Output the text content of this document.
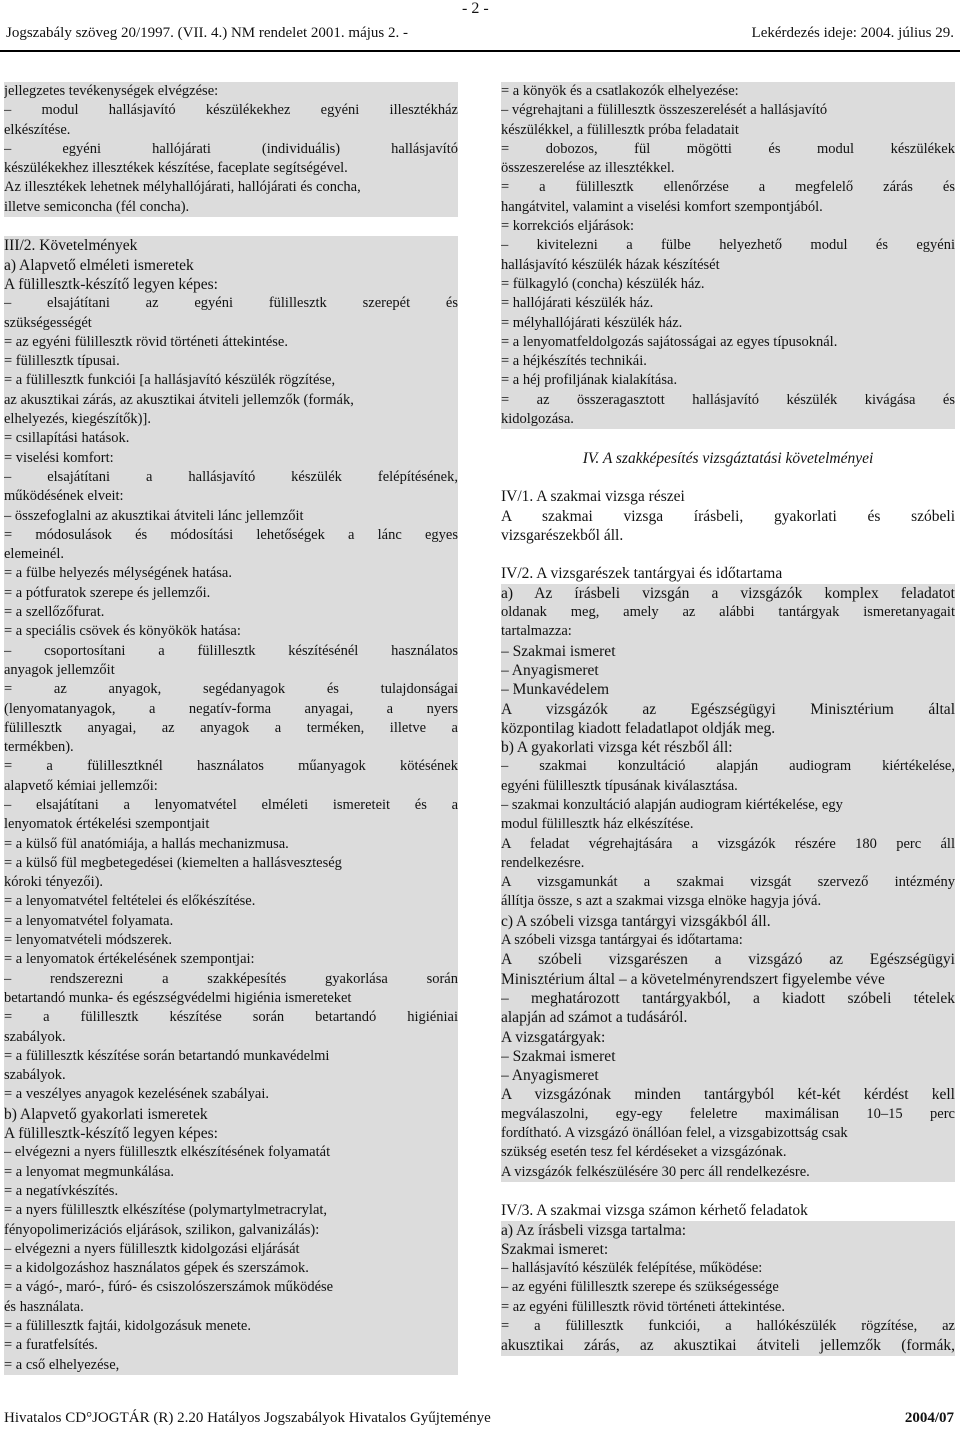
- 2 -
Jogszabály szöveg 20/1997. (VII. 4.) NM rendelet 2001. május 2. -	Lekérdezés ideje: 2004. július 29.
jellegzetes tevékenységek elvégzése:
– modul hallásjavító készülékekhez egyéni illesztékház
elkészítése.
– egyéni hallójárati (individuális) hallásjavító
készülékekhez illesztékek készítése, faceplate segítségével.
Az illesztékek lehetnek mélyhallójárati, hallójárati és concha,
illetve semiconcha (fél concha).
III/2. Követelmények
a) Alapvető elméleti ismeretek
A fülillesztk-készítő legyen képes:
– elsajátítani az egyéni fülillesztk szerepét és
szükségességét
= az egyéni fülillesztk rövid történeti áttekintése.
= fülillesztk típusai.
= a fülillesztk funkciói [a hallásjavító készülék rögzítése,
az akusztikai zárás, az akusztikai átviteli jellemzők (formák,
elhelyezés, kiegészítők)].
= csillapítási hatások.
= viselési komfort:
– elsajátítani a hallásjavító készülék felépítésének,
működésének elveit:
– összefoglalni az akusztikai átviteli lánc jellemzőit
= módosulások és módosítási lehetőségek a lánc egyes
elemeinél.
= a fülbe helyezés mélységének hatása.
= a pótfuratok szerepe és jellemzői.
= a szellőzőfurat.
= a speciális csövek és könyökök hatása:
– csoportosítani a fülillesztk készítésénél használatos
anyagok jellemzőit
= az anyagok, segédanyagok és tulajdonságai
(lenyomatanyagok, a negatív-forma anyagai, a nyers
fülillesztk anyagai, az anyagok a terméken, illetve a
termékben).
= a fülillesztknél használatos műanyagok kötésének
alapvető kémiai jellemzői:
– elsajátítani a lenyomatvétel elméleti ismereteit és a
lenyomatok értékelési szempontjait
= a külső fül anatómiája, a hallás mechanizmusa.
= a külső fül megbetegedései (kiemelten a hallásveszteség
kóroki tényezői).
= a lenyomatvétel feltételei és előkészítése.
= a lenyomatvétel folyamata.
= lenyomatvételi módszerek.
= a lenyomatok értékelésének szempontjai:
– rendszerezni a szakképesítés gyakorlása során
betartandó munka- és egészségvédelmi higiénia ismereteket
= a fülillesztk készítése során betartandó higiéniai
szabályok.
= a fülillesztk készítése során betartandó munkavédelmi
szabályok.
= a veszélyes anyagok kezelésének szabályai.
b) Alapvető gyakorlati ismeretek
A fülillesztk-készítő legyen képes:
– elvégezni a nyers fülillesztk elkészítésének folyamatát
= a lenyomat megmunkálása.
= a negatívkészítés.
= a nyers fülillesztk elkészítése (polymartylmetracrylat,
fényopolimerizációs eljárások, szilikon, galvanizálás):
– elvégezni a nyers fülillesztk kidolgozási eljárását
= a kidolgozáshoz használatos gépek és szerszámok.
= a vágó-, maró-, fúró- és csiszolószerszámok működése
és használata.
= a fülillesztk fajtái, kidolgozásuk menete.
= a furatfelsítés.
= a cső elhelyezése,
= a könyök és a csatlakozók elhelyezése:
– végrehajtani a fülillesztk összeszerelését a hallásjavító
készülékkel, a fülillesztk próba feladatait
= dobozos, fül mögötti és modul készülékek
összeszerelése az illesztékkel.
= a fülillesztk ellenőrzése a megfelelő zárás és
hangátvitel, valamint a viselési komfort szempontjából.
= korrekciós eljárások:
– kivitelezni a fülbe helyezhető modul és egyéni
hallásjavító készülék házak készítését
= fülkagyló (concha) készülék ház.
= hallójárati készülék ház.
= mélyhallójárati készülék ház.
= a lenyomatfeldolgozás sajátosságai az egyes típusoknál.
= a héjkészítés technikái.
= a héj profiljának kialakítása.
= az összeragasztott hallásjavító készülék kivágása és
kidolgozása.
IV. A szakképesítés vizsgáztatási követelményei
IV/1. A szakmai vizsga részei
A szakmai vizsga írásbeli, gyakorlati és szóbeli
vizsgarészekből áll.
IV/2. A vizsgarészek tantárgyai és időtartama
a) Az írásbeli vizsgán a vizsgázók komplex feladatot
oldanak meg, amely az alábbi tantárgyak ismeretanyagait
tartalmazza:
– Szakmai ismeret
– Anyagismeret
– Munkavédelem
A vizsgázók az Egészségügyi Minisztérium által
központilag kiadott feladatlapot oldják meg.
b) A gyakorlati vizsga két részből áll:
– szakmai konzultáció alapján audiogram kiértékelése,
egyéni fülillesztk típusának kiválasztása.
– szakmai konzultáció alapján audiogram kiértékelése, egy
modul fülillesztk ház elkészítése.
A feladat végrehajtására a vizsgázók részére 180 perc áll
rendelkezésre.
A vizsgamunkát a szakmai vizsgát szervező intézmény
állítja össze, s azt a szakmai vizsga elnöke hagyja jóvá.
c) A szóbeli vizsga tantárgyi vizsgákból áll.
A szóbeli vizsga tantárgyai és időtartama:
A szóbeli vizsgarészen a vizsgázó az Egészségügyi
Minisztérium által – a követelményrendszert figyelembe véve
– meghatározott tantárgyakból, a kiadott szóbeli tételek
alapján ad számot a tudásáról.
A vizsgatárgyak:
– Szakmai ismeret
– Anyagismeret
A vizsgázónak minden tantárgyból két-két kérdést kell
megválaszolni, egy-egy feleletre maximálisan 10–15 perc
fordítható. A vizsgázó önállóan felel, a vizsgabizottság csak
szükség esetén tesz fel kérdéseket a vizsgázónak.
A vizsgázók felkészülésére 30 perc áll rendelkezésre.
IV/3. A szakmai vizsga számon kérhető feladatok
a) Az írásbeli vizsga tartalma:
Szakmai ismeret:
– hallásjavító készülék felépítése, működése:
– az egyéni fülillesztk szerepe és szükségessége
= az egyéni fülillesztk rövid történeti áttekintése.
= a fülillesztk funkciói, a hallókészülék rögzítése, az
akusztikai zárás, az akusztikai átviteli jellemzők (formák,
Hivatalos CD°JOGTÁR (R) 2.20 Hatályos Jogszabályok Hivatalos Gyűjteménye	2004/07
